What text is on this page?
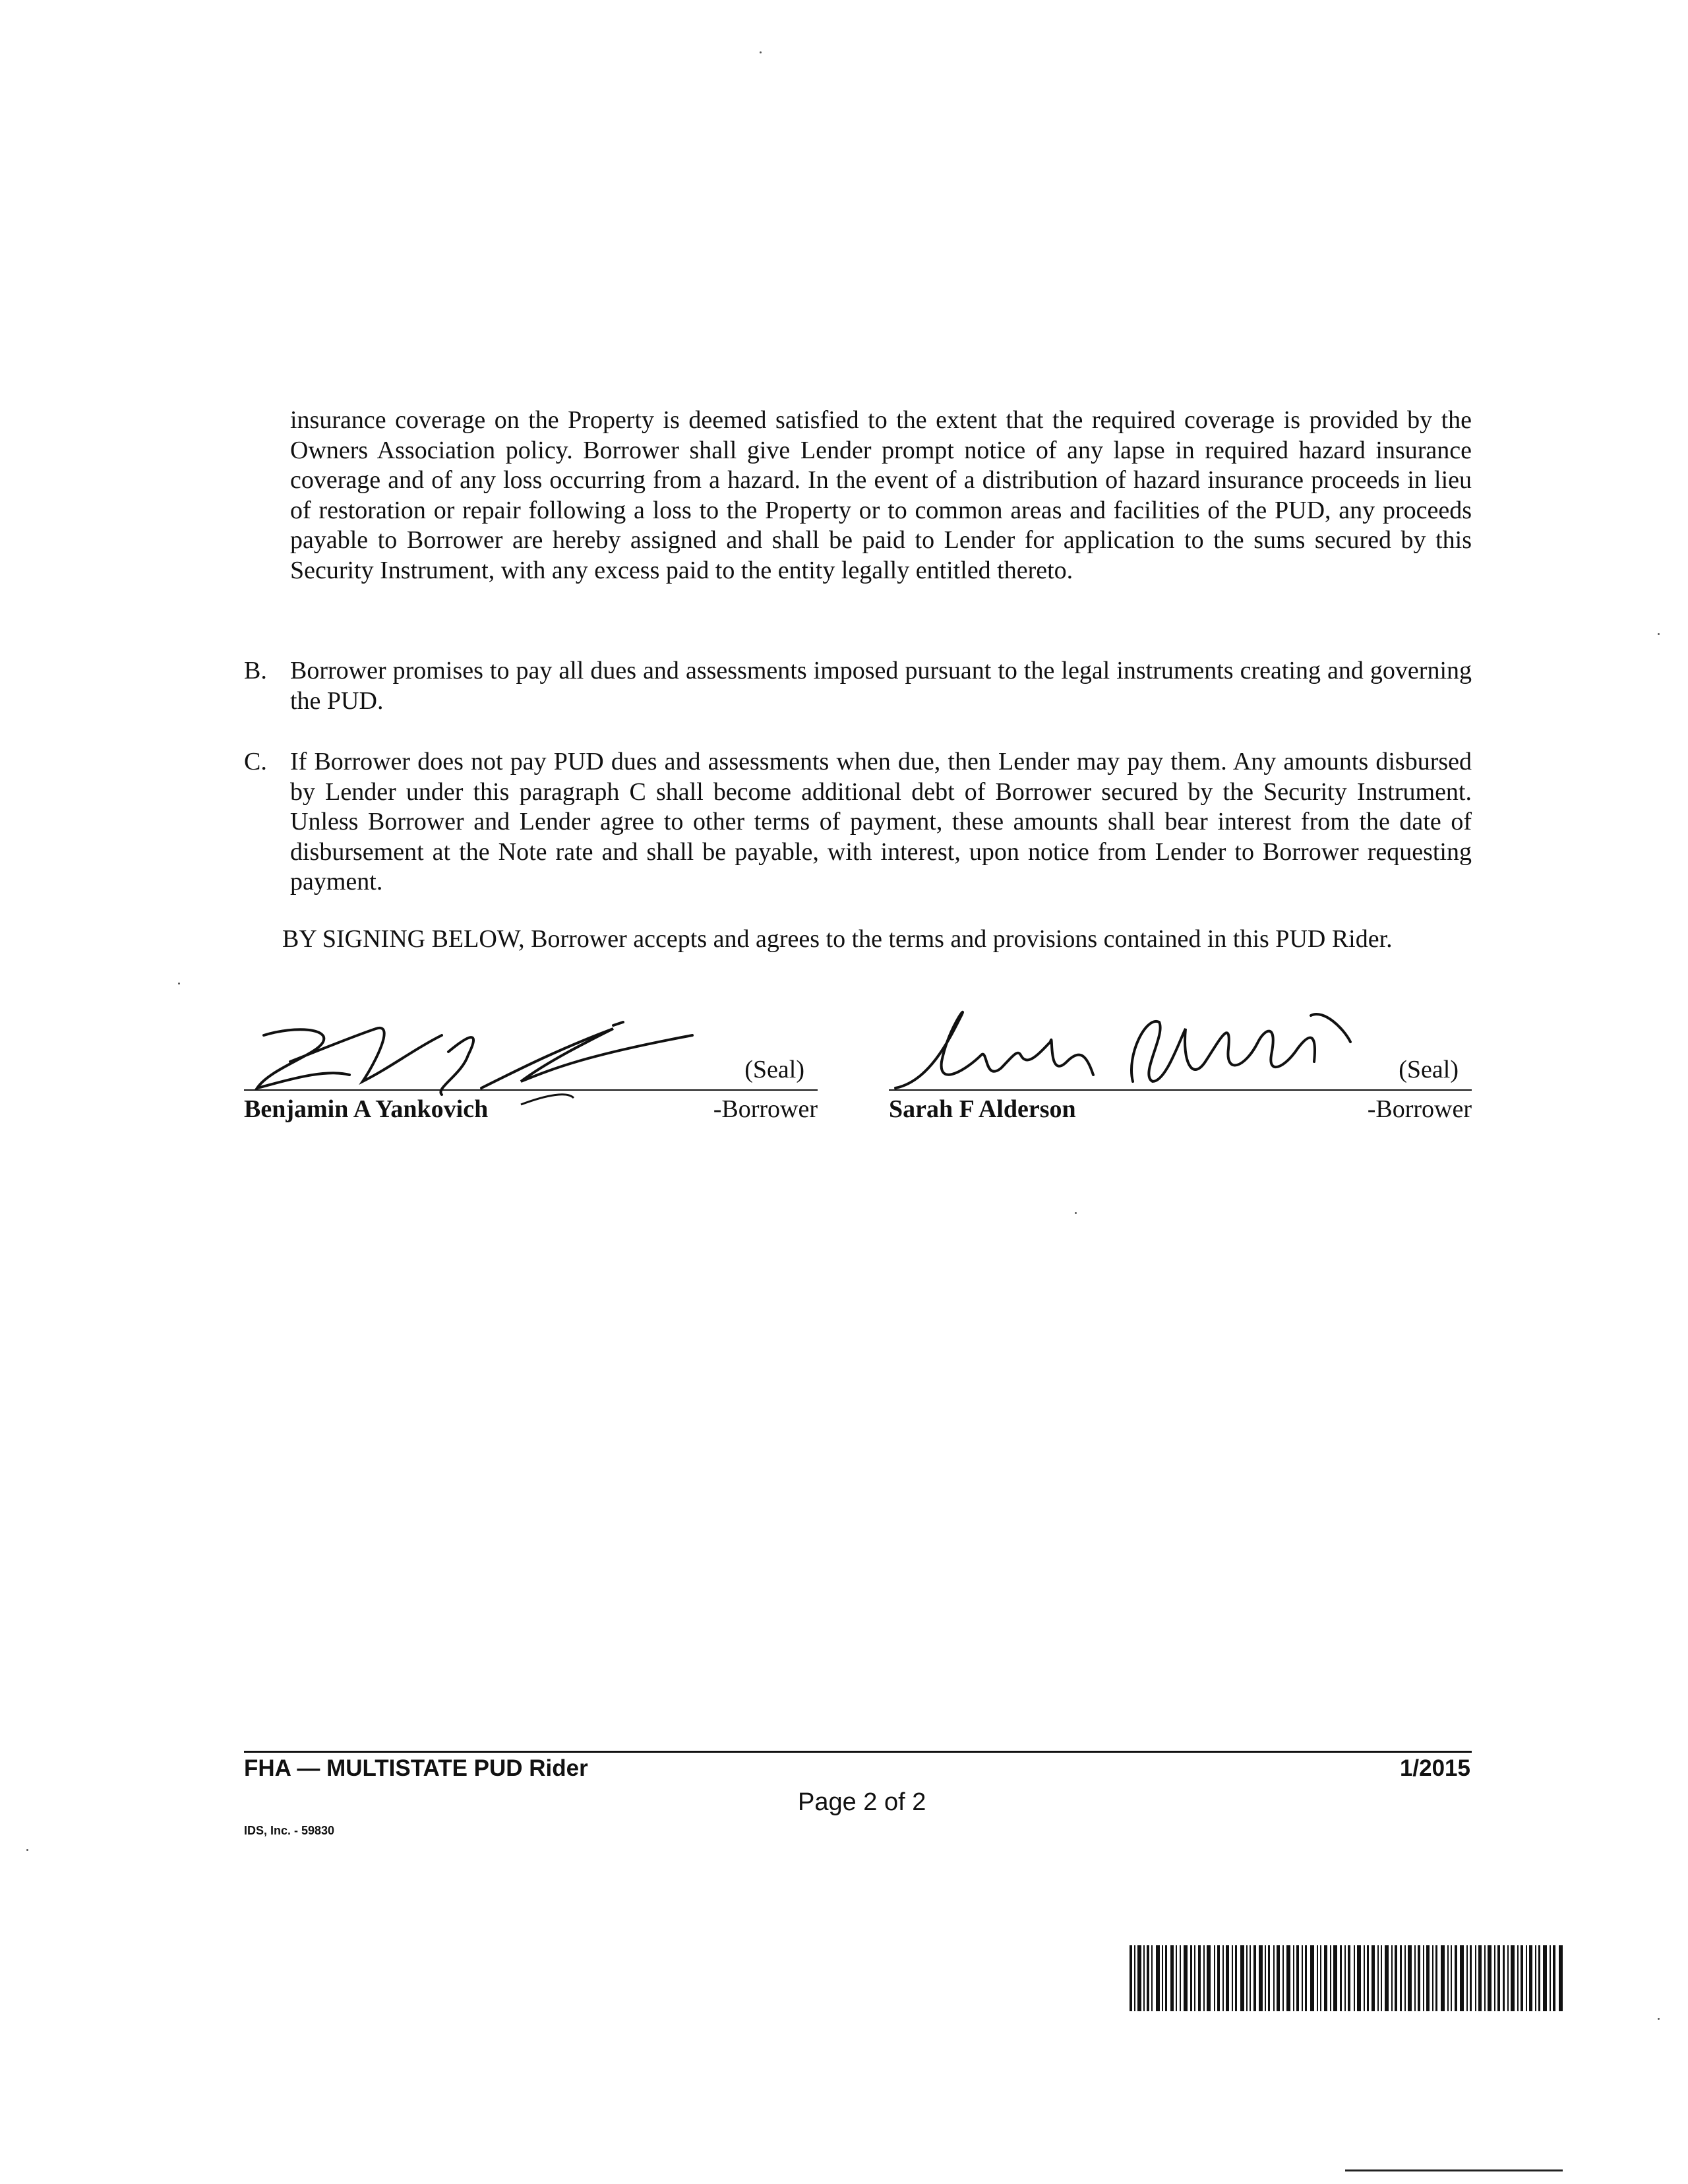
insurance coverage on the Property is deemed satisfied to the extent that the required coverage is provided by the Owners Association policy. Borrower shall give Lender prompt notice of any lapse in required hazard insurance coverage and of any loss occurring from a hazard. In the event of a distribution of hazard insurance proceeds in lieu of restoration or repair following a loss to the Property or to common areas and facilities of the PUD, any proceeds payable to Borrower are hereby assigned and shall be paid to Lender for application to the sums secured by this Security Instrument, with any excess paid to the entity legally entitled thereto.

B. Borrower promises to pay all dues and assessments imposed pursuant to the legal instruments creating and governing the PUD.
C. If Borrower does not pay PUD dues and assessments when due, then Lender may pay them. Any amounts disbursed by Lender under this paragraph C shall become additional debt of Borrower secured by the Security Instrument. Unless Borrower and Lender agree to other terms of payment, these amounts shall bear interest from the date of disbursement at the Note rate and shall be payable, with interest, upon notice from Lender to Borrower requesting payment.

BY SIGNING BELOW, Borrower accepts and agrees to the terms and provisions contained in this PUD Rider.

(Seal)
Benjamin A Yankovich	-Borrower
(Seal)
Sarah F Alderson	-Borrower
FHA — MULTISTATE PUD Rider	1/2015
Page 2 of 2
IDS, Inc. - 59830
